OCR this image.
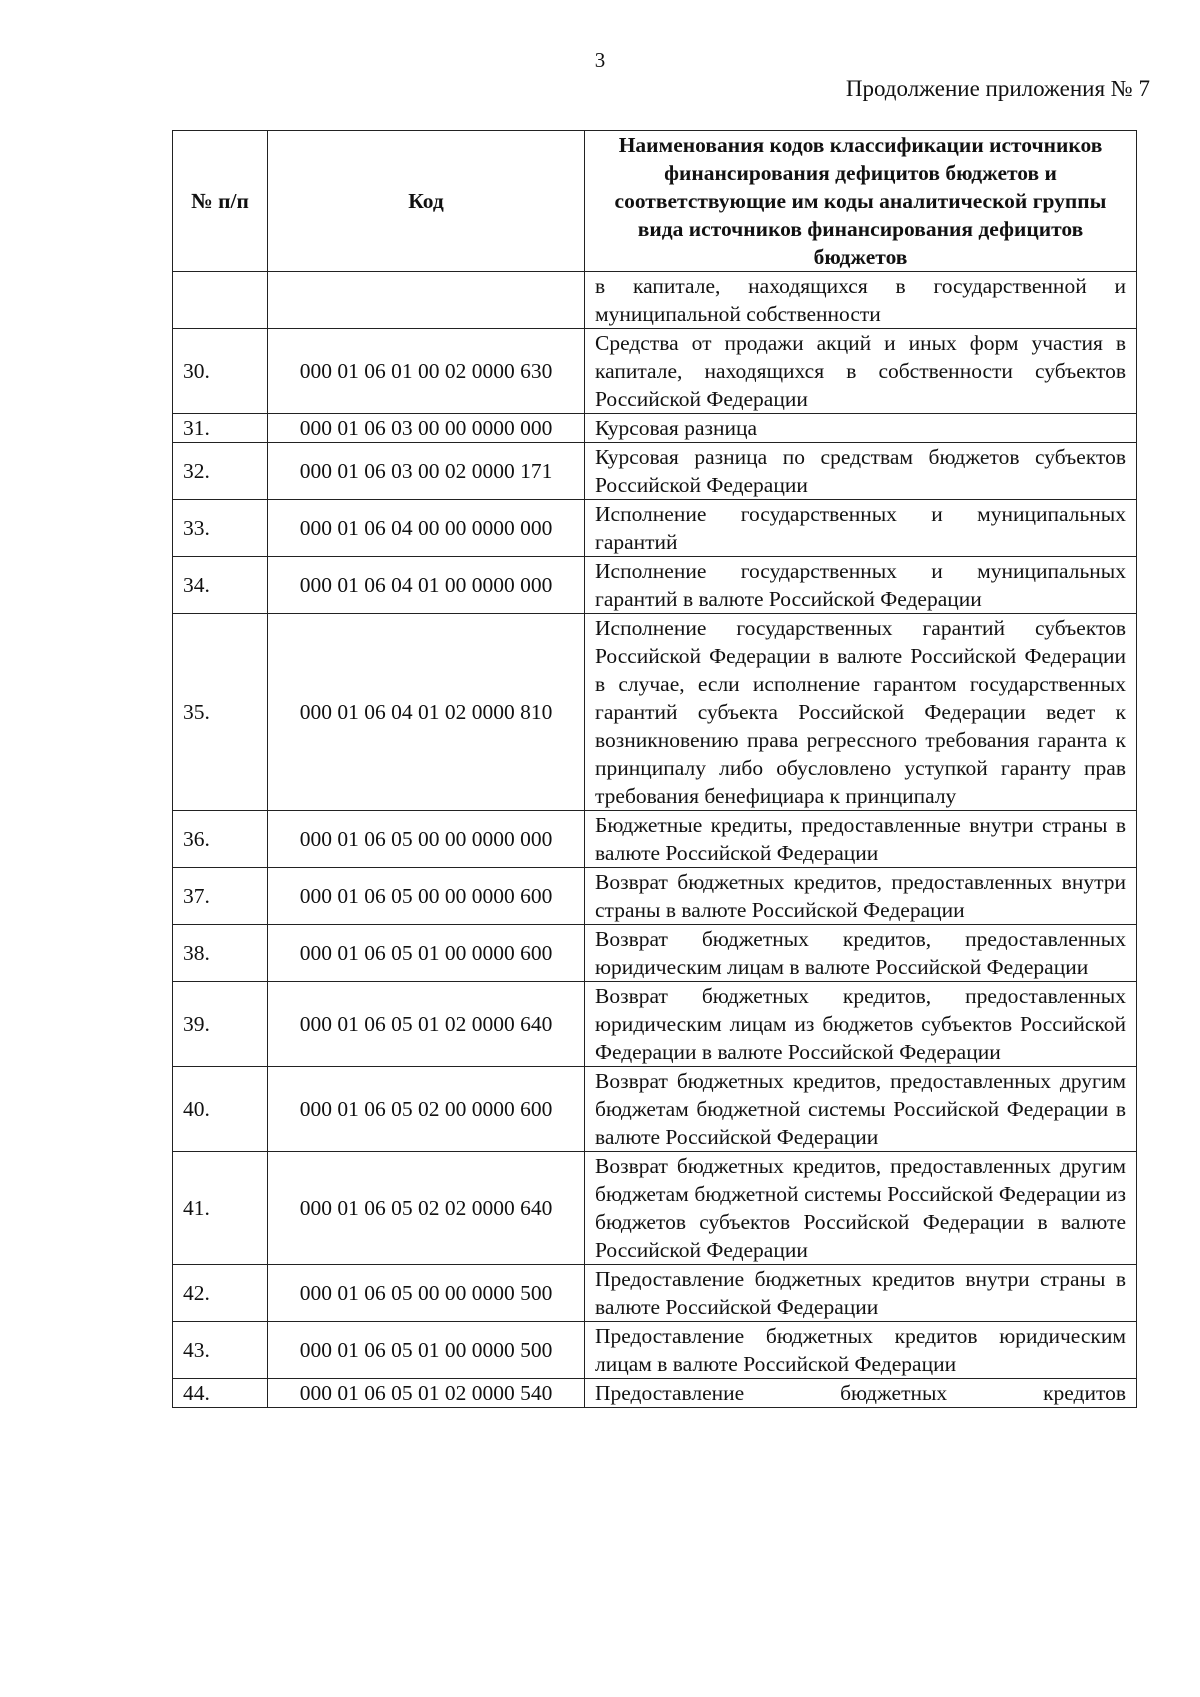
3
Продолжение приложения № 7
№ п/п	Код	Наименования кодов классификации источников финансирования дефицитов бюджетов и соответствующие им коды аналитической группы вида источников финансирования дефицитов бюджетов
		в капитале, находящихся в государственной и муниципальной собственности
30.	000 01 06 01 00 02 0000 630	Средства от продажи акций и иных форм участия в капитале, находящихся в собственности субъектов Российской Федерации
31.	000 01 06 03 00 00 0000 000	Курсовая разница
32.	000 01 06 03 00 02 0000 171	Курсовая разница по средствам бюджетов субъектов Российской Федерации
33.	000 01 06 04 00 00 0000 000	Исполнение государственных и муниципальных гарантий
34.	000 01 06 04 01 00 0000 000	Исполнение государственных и муниципальных гарантий в валюте Российской Федерации
35.	000 01 06 04 01 02 0000 810	Исполнение государственных гарантий субъектов Российской Федерации в валюте Российской Федерации в случае, если исполнение гарантом государственных гарантий субъекта Российской Федерации ведет к возникновению права регрессного требования гаранта к принципалу либо обусловлено уступкой гаранту прав требования бенефициара к принципалу
36.	000 01 06 05 00 00 0000 000	Бюджетные кредиты, предоставленные внутри страны в валюте Российской Федерации
37.	000 01 06 05 00 00 0000 600	Возврат бюджетных кредитов, предоставленных внутри страны в валюте Российской Федерации
38.	000 01 06 05 01 00 0000 600	Возврат бюджетных кредитов, предоставленных юридическим лицам в валюте Российской Федерации
39.	000 01 06 05 01 02 0000 640	Возврат бюджетных кредитов, предоставленных юридическим лицам из бюджетов субъектов Российской Федерации в валюте Российской Федерации
40.	000 01 06 05 02 00 0000 600	Возврат бюджетных кредитов, предоставленных другим бюджетам бюджетной системы Российской Федерации в валюте Российской Федерации
41.	000 01 06 05 02 02 0000 640	Возврат бюджетных кредитов, предоставленных другим бюджетам бюджетной системы Российской Федерации из бюджетов субъектов Российской Федерации в валюте Российской Федерации
42.	000 01 06 05 00 00 0000 500	Предоставление бюджетных кредитов внутри страны в валюте Российской Федерации
43.	000 01 06 05 01 00 0000 500	Предоставление бюджетных кредитов юридическим лицам в валюте Российской Федерации
44.	000 01 06 05 01 02 0000 540	Предоставление бюджетных кредитов
